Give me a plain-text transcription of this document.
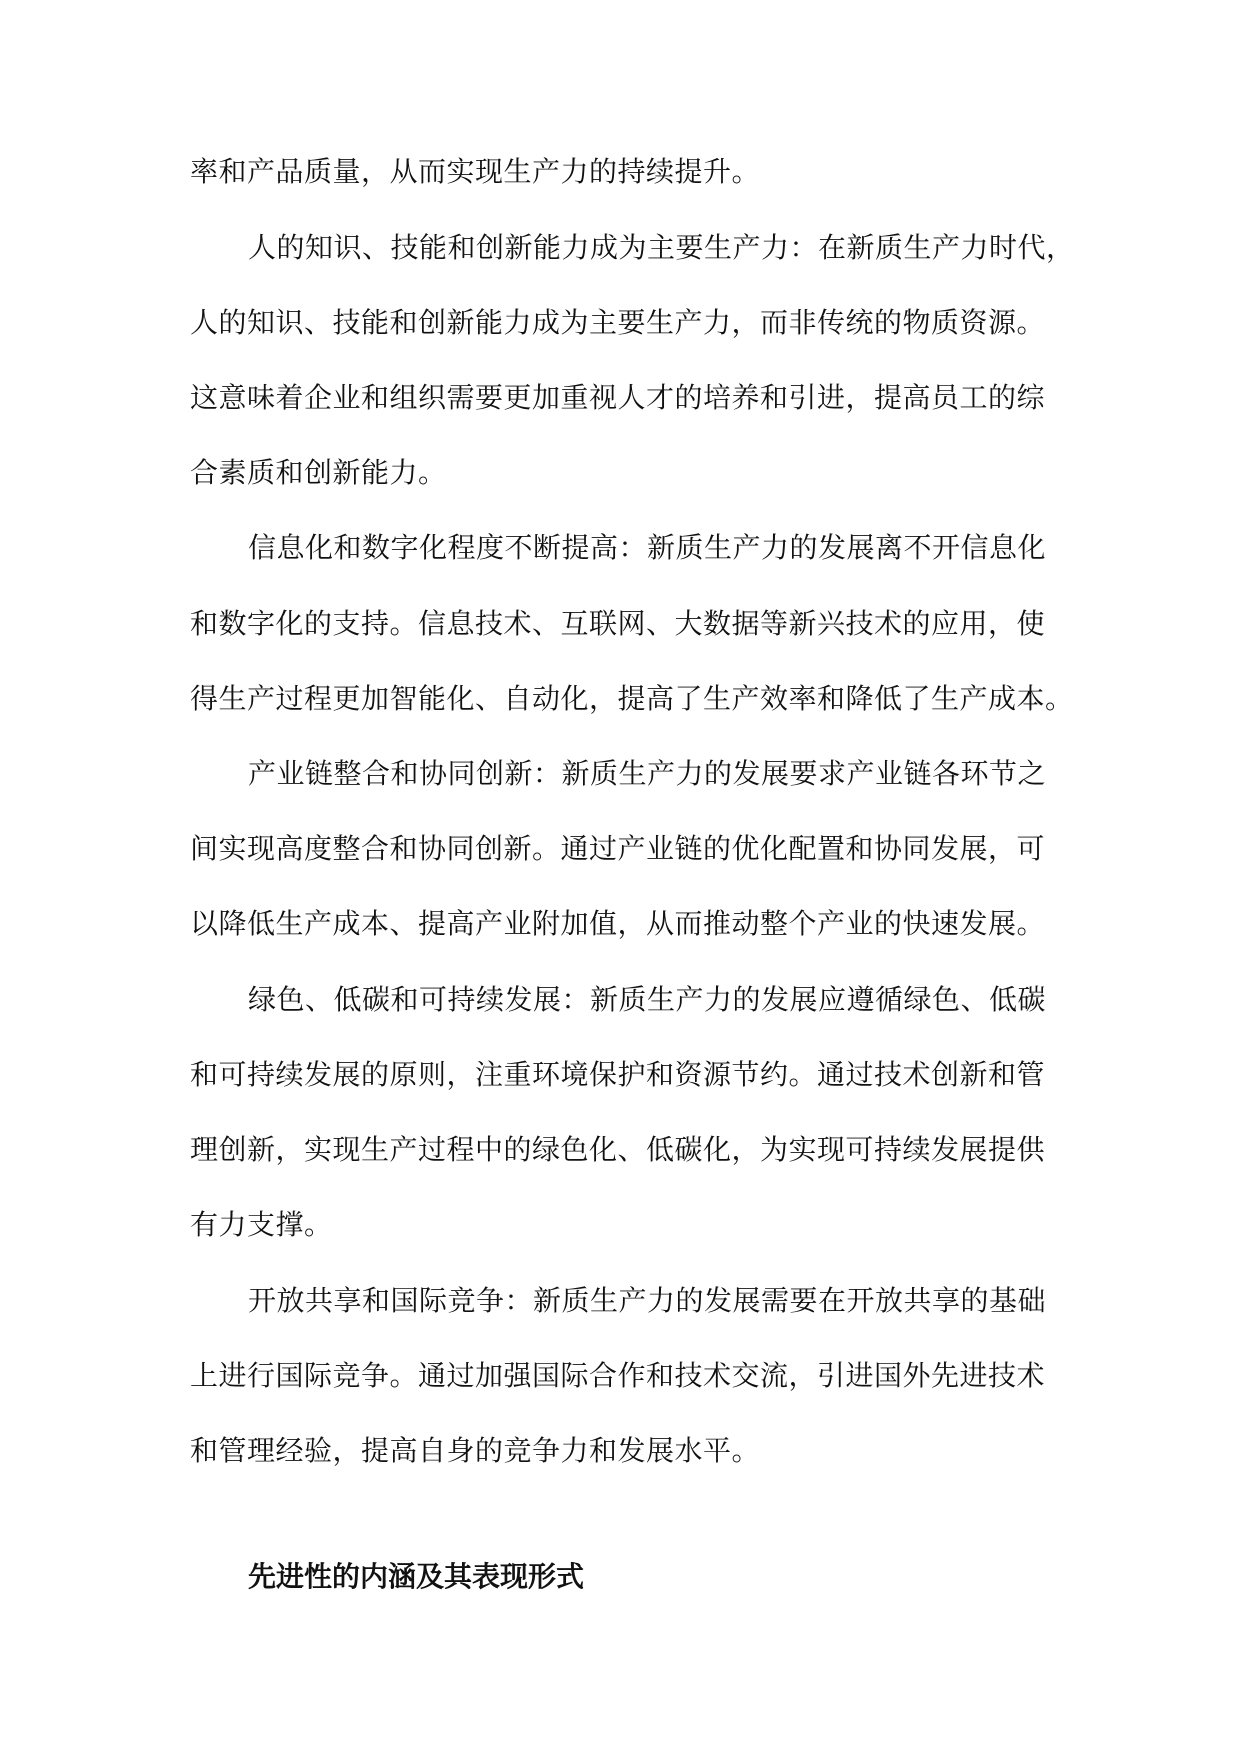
率和产品质量，从而实现生产力的持续提升。
人的知识、技能和创新能力成为主要生产力：在新质生产力时代，
人的知识、技能和创新能力成为主要生产力，而非传统的物质资源。
这意味着企业和组织需要更加重视人才的培养和引进，提高员工的综
合素质和创新能力。
信息化和数字化程度不断提高：新质生产力的发展离不开信息化
和数字化的支持。信息技术、互联网、大数据等新兴技术的应用，使
得生产过程更加智能化、自动化，提高了生产效率和降低了生产成本。
产业链整合和协同创新：新质生产力的发展要求产业链各环节之
间实现高度整合和协同创新。通过产业链的优化配置和协同发展，可
以降低生产成本、提高产业附加值，从而推动整个产业的快速发展。
绿色、低碳和可持续发展：新质生产力的发展应遵循绿色、低碳
和可持续发展的原则，注重环境保护和资源节约。通过技术创新和管
理创新，实现生产过程中的绿色化、低碳化，为实现可持续发展提供
有力支撑。
开放共享和国际竞争：新质生产力的发展需要在开放共享的基础
上进行国际竞争。通过加强国际合作和技术交流，引进国外先进技术
和管理经验，提高自身的竞争力和发展水平。
先进性的内涵及其表现形式
